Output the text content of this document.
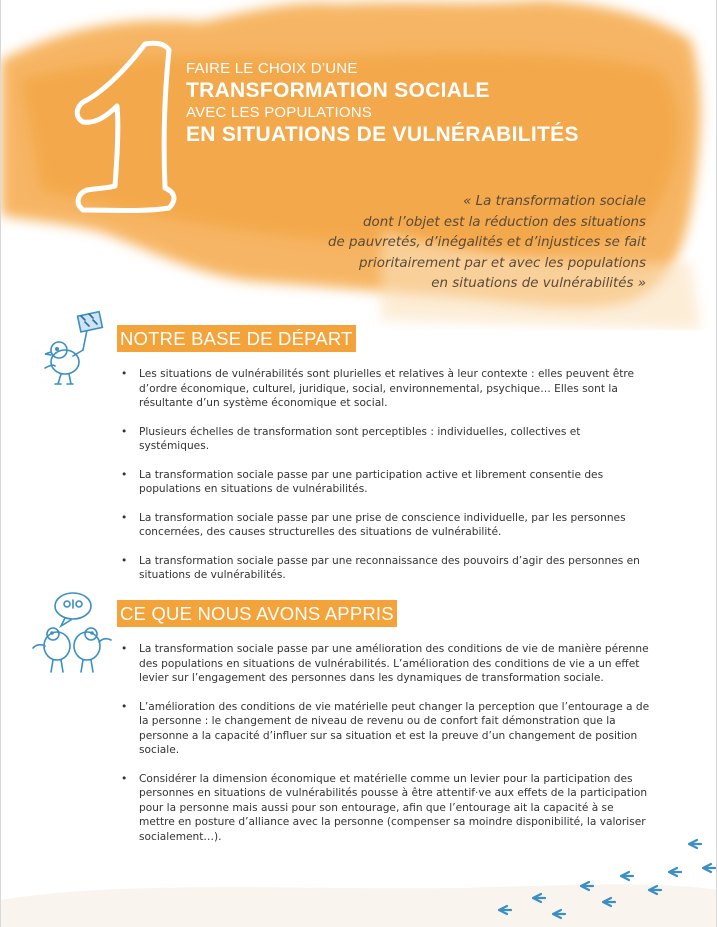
1
FAIRE LE CHOIX D’UNE
TRANSFORMATION SOCIALE
AVEC LES POPULATIONS
EN SITUATIONS DE VULNÉRABILITÉS
« La transformation sociale
dont l’objet est la réduction des situations
de pauvretés, d’inégalités et d’injustices se fait
prioritairement par et avec les populations
en situations de vulnérabilités »
NOTRE BASE DE DÉPART
• Les situations de vulnérabilités sont plurielles et relatives à leur contexte : elles peuvent être d’ordre économique, culturel, juridique, social, environnemental, psychique… Elles sont la résultante d’un système économique et social.
• Plusieurs échelles de transformation sont perceptibles : individuelles, collectives et systémiques.
• La transformation sociale passe par une participation active et librement consentie des populations en situations de vulnérabilités.
• La transformation sociale passe par une prise de conscience individuelle, par les personnes concernées, des causes structurelles des situations de vulnérabilité.
• La transformation sociale passe par une reconnaissance des pouvoirs d’agir des personnes en situations de vulnérabilités.
CE QUE NOUS AVONS APPRIS
• La transformation sociale passe par une amélioration des conditions de vie de manière pérenne des populations en situations de vulnérabilités. L’amélioration des conditions de vie a un effet levier sur l’engagement des personnes dans les dynamiques de transformation sociale.
• L’amélioration des conditions de vie matérielle peut changer la perception que l’entourage a de la personne : le changement de niveau de revenu ou de confort fait démonstration que la personne a la capacité d’influer sur sa situation et est la preuve d’un changement de position sociale.
• Considérer la dimension économique et matérielle comme un levier pour la participation des personnes en situations de vulnérabilités pousse à être attentif·ve aux effets de la participation pour la personne mais aussi pour son entourage, afin que l’entourage ait la capacité à se mettre en posture d’alliance avec la personne (compenser sa moindre disponibilité, la valoriser socialement…).
